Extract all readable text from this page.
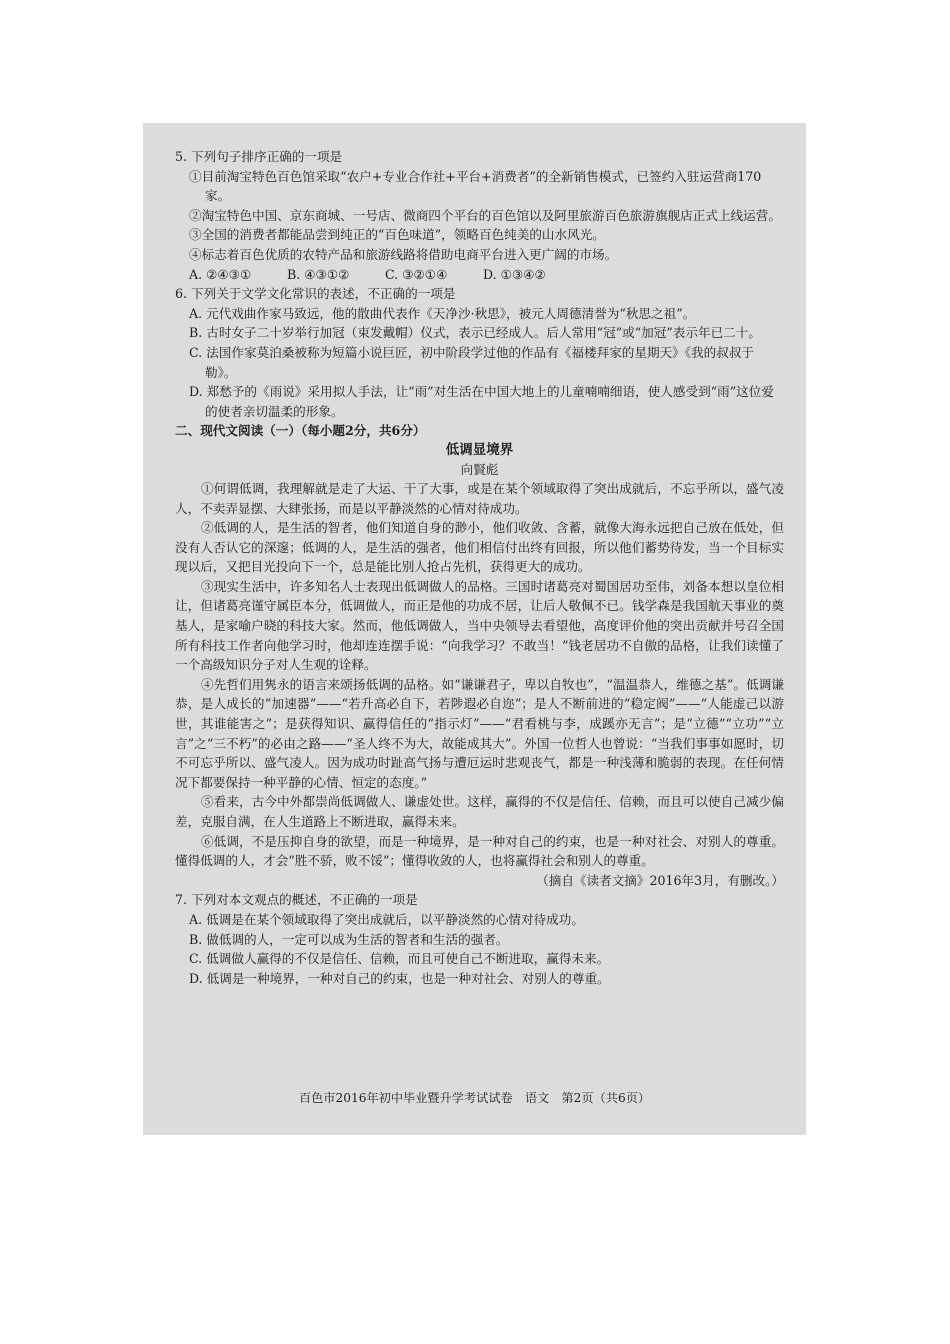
5. 下列句子排序正确的一项是

①目前淘宝特色百色馆采取“农户+专业合作社+平台+消费者”的全新销售模式，已签约入驻运营商170家。

②淘宝特色中国、京东商城、一号店、微商四个平台的百色馆以及阿里旅游百色旅游旗舰店正式上线运营。

③全国的消费者都能品尝到纯正的“百色味道”，领略百色纯美的山水风光。

④标志着百色优质的农特产品和旅游线路将借助电商平台进入更广阔的市场。

A. ②④③①	B. ④③①②	C. ③②①④	D. ①③④②

6. 下列关于文学文化常识的表述，不正确的一项是

A. 元代戏曲作家马致远，他的散曲代表作《天净沙·秋思》，被元人周德清誉为“秋思之祖”。

B. 古时女子二十岁举行加冠（束发戴帽）仪式，表示已经成人。后人常用“冠”或“加冠”表示年已二十。

C. 法国作家莫泊桑被称为短篇小说巨匠，初中阶段学过他的作品有《福楼拜家的星期天》《我的叔叔于勒》。

D. 郑愁予的《雨说》采用拟人手法，让“雨”对生活在中国大地上的儿童喃喃细语，使人感受到“雨”这位爱的使者亲切温柔的形象。

二、现代文阅读（一）（每小题2分，共6分）

低调显境界

向賢彪

①何谓低调，我理解就是走了大运、干了大事，或是在某个领域取得了突出成就后，不忘乎所以，盛气凌人，不卖弄显摆、大肆张扬，而是以平静淡然的心情对待成功。

②低调的人，是生活的智者，他们知道自身的渺小，他们收敛、含蓄，就像大海永远把自己放在低处，但没有人否认它的深邃；低调的人，是生活的强者，他们相信付出终有回报，所以他们蓄势待发，当一个目标实现以后，又把目光投向下一个，总是能比别人抢占先机，获得更大的成功。

③现实生活中，许多知名人士表现出低调做人的品格。三国时诸葛亮对蜀国居功至伟，刘备本想以皇位相让，但诸葛亮谨守属臣本分，低调做人，而正是他的功成不居，让后人敬佩不已。钱学森是我国航天事业的奠基人，是家喻户晓的科技大家。然而，他低调做人，当中央领导去看望他，高度评价他的突出贡献并号召全国所有科技工作者向他学习时，他却连连摆手说：“向我学习？不敢当！”钱老居功不自傲的品格，让我们读懂了一个高级知识分子对人生观的诠释。

④先哲们用隽永的语言来颂扬低调的品格。如“谦谦君子，卑以自牧也”，“温温恭人，维德之基”。低调谦恭，是人成长的“加速器”——“若升高必自下，若陟遐必自迩”；是人不断前进的“稳定阀”——“人能虚己以游世，其谁能害之”；是获得知识、赢得信任的“指示灯”——“君看桃与李，成蹊亦无言”；是“立德”“立功”“立言”之“三不朽”的必由之路——“圣人终不为大，故能成其大”。外国一位哲人也曾说：“当我们事事如愿时，切不可忘乎所以、盛气凌人。因为成功时趾高气扬与遭厄运时悲观丧气，都是一种浅薄和脆弱的表现。在任何情况下都要保持一种平静的心情、恒定的态度。”

⑤看来，古今中外都崇尚低调做人、谦虚处世。这样，赢得的不仅是信任、信赖，而且可以使自己减少偏差，克服自满，在人生道路上不断进取，赢得未来。

⑥低调，不是压抑自身的欲望，而是一种境界，是一种对自己的约束，也是一种对社会、对别人的尊重。懂得低调的人，才会“胜不骄，败不馁”；懂得收敛的人，也将赢得社会和别人的尊重。

（摘自《读者文摘》2016年3月，有删改。）

7. 下列对本文观点的概述，不正确的一项是

A. 低调是在某个领域取得了突出成就后，以平静淡然的心情对待成功。

B. 做低调的人，一定可以成为生活的智者和生活的强者。

C. 低调做人赢得的不仅是信任、信赖，而且可使自己不断进取，赢得未来。

D. 低调是一种境界，一种对自己的约束，也是一种对社会、对别人的尊重。

百色市2016年初中毕业暨升学考试试卷　语文　第2页（共6页）
